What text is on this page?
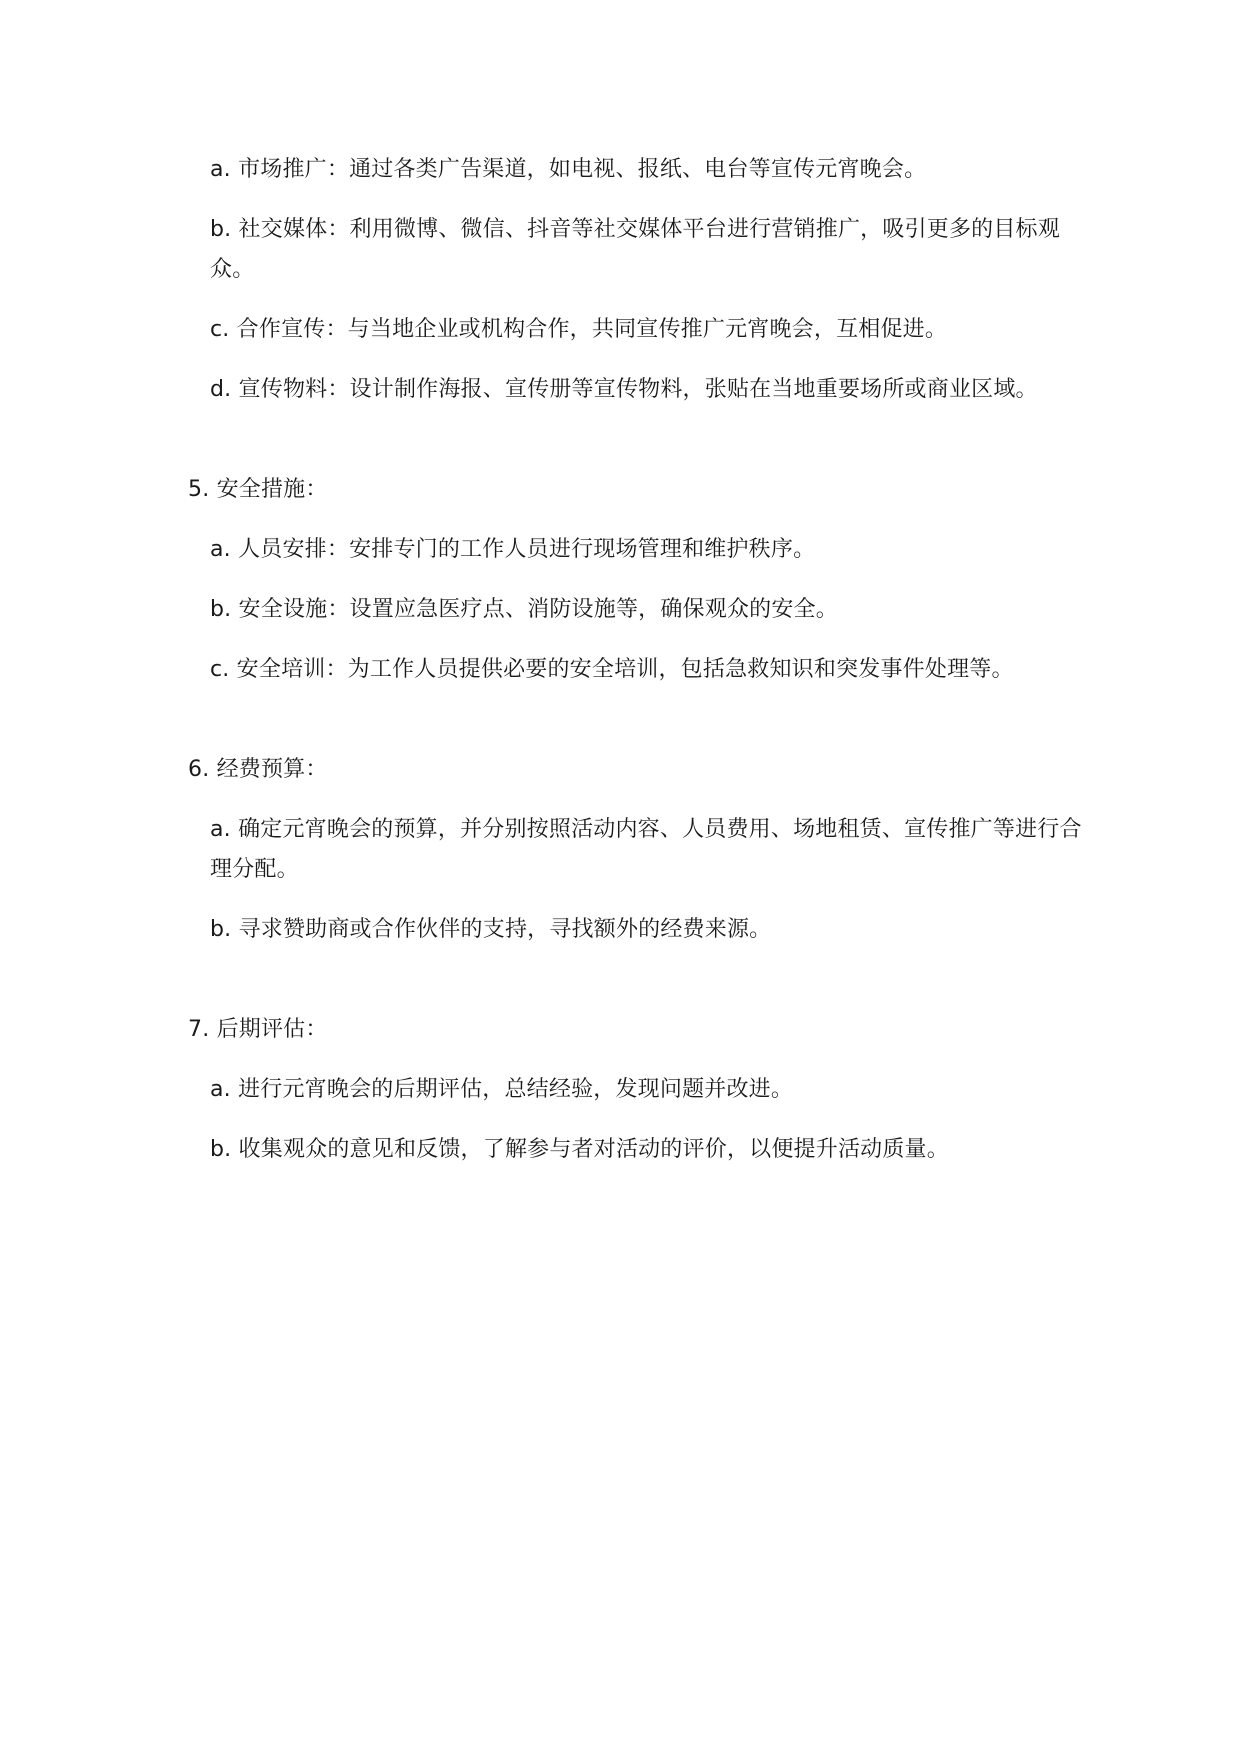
a. 市场推广：通过各类广告渠道，如电视、报纸、电台等宣传元宵晚会。

b. 社交媒体：利用微博、微信、抖音等社交媒体平台进行营销推广，吸引更多的目标观众。

c. 合作宣传：与当地企业或机构合作，共同宣传推广元宵晚会，互相促进。

d. 宣传物料：设计制作海报、宣传册等宣传物料，张贴在当地重要场所或商业区域。

5. 安全措施：

a. 人员安排：安排专门的工作人员进行现场管理和维护秩序。

b. 安全设施：设置应急医疗点、消防设施等，确保观众的安全。

c. 安全培训：为工作人员提供必要的安全培训，包括急救知识和突发事件处理等。

6. 经费预算：

a. 确定元宵晚会的预算，并分别按照活动内容、人员费用、场地租赁、宣传推广等进行合理分配。

b. 寻求赞助商或合作伙伴的支持，寻找额外的经费来源。

7. 后期评估：

a. 进行元宵晚会的后期评估，总结经验，发现问题并改进。

b. 收集观众的意见和反馈，了解参与者对活动的评价，以便提升活动质量。
